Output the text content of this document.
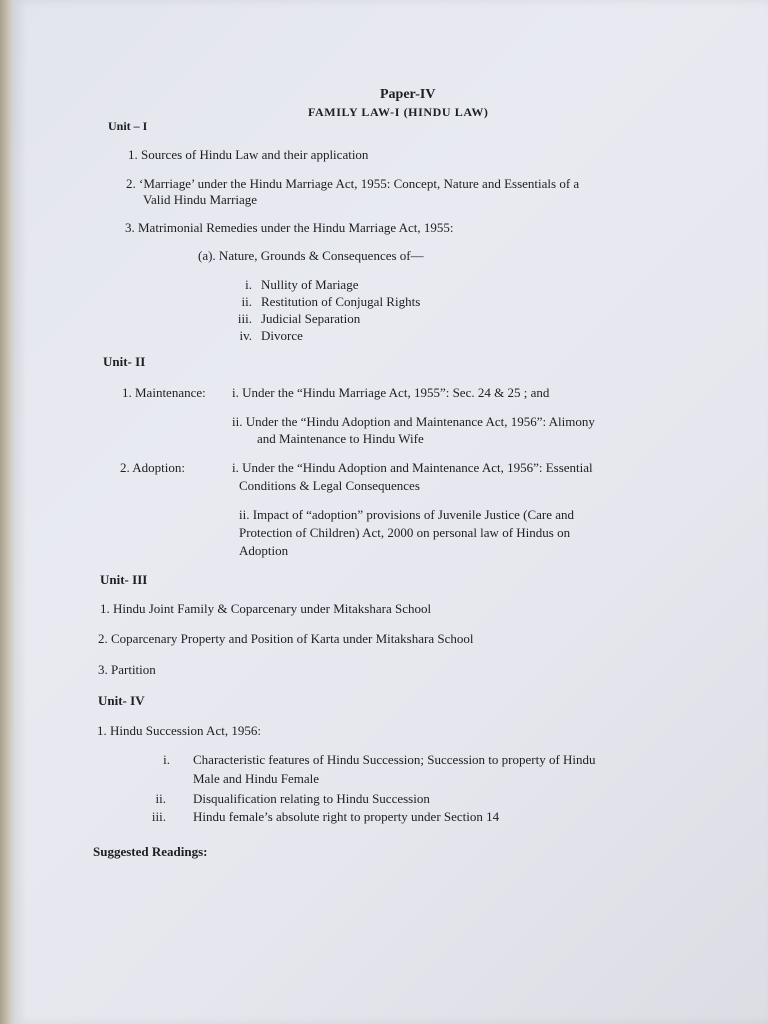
Paper-IV
FAMILY LAW-I (HINDU LAW)
Unit – I
1. Sources of Hindu Law and their application
2. ‘Marriage’ under the Hindu Marriage Act, 1955: Concept, Nature and Essentials of a
Valid Hindu Marriage
3. Matrimonial Remedies under the Hindu Marriage Act, 1955:
(a). Nature, Grounds & Consequences of—
i. Nullity of Mariage
ii. Restitution of Conjugal Rights
iii. Judicial Separation
iv. Divorce
Unit- II
1. Maintenance: i. Under the “Hindu Marriage Act, 1955”: Sec. 24 & 25 ; and
ii. Under the “Hindu Adoption and Maintenance Act, 1956”: Alimony
and Maintenance to Hindu Wife
2. Adoption:	i. Under the “Hindu Adoption and Maintenance Act, 1956”: Essential
Conditions & Legal Consequences
ii. Impact of “adoption” provisions of Juvenile Justice (Care and
Protection of Children) Act, 2000 on personal law of Hindus on
Adoption
Unit- III
1. Hindu Joint Family & Coparcenary under Mitakshara School
2. Coparcenary Property and Position of Karta under Mitakshara School
3. Partition
Unit- IV
1. Hindu Succession Act, 1956:
i. Characteristic features of Hindu Succession; Succession to property of Hindu
Male and Hindu Female
ii. Disqualification relating to Hindu Succession
iii. Hindu female’s absolute right to property under Section 14
Suggested Readings:
